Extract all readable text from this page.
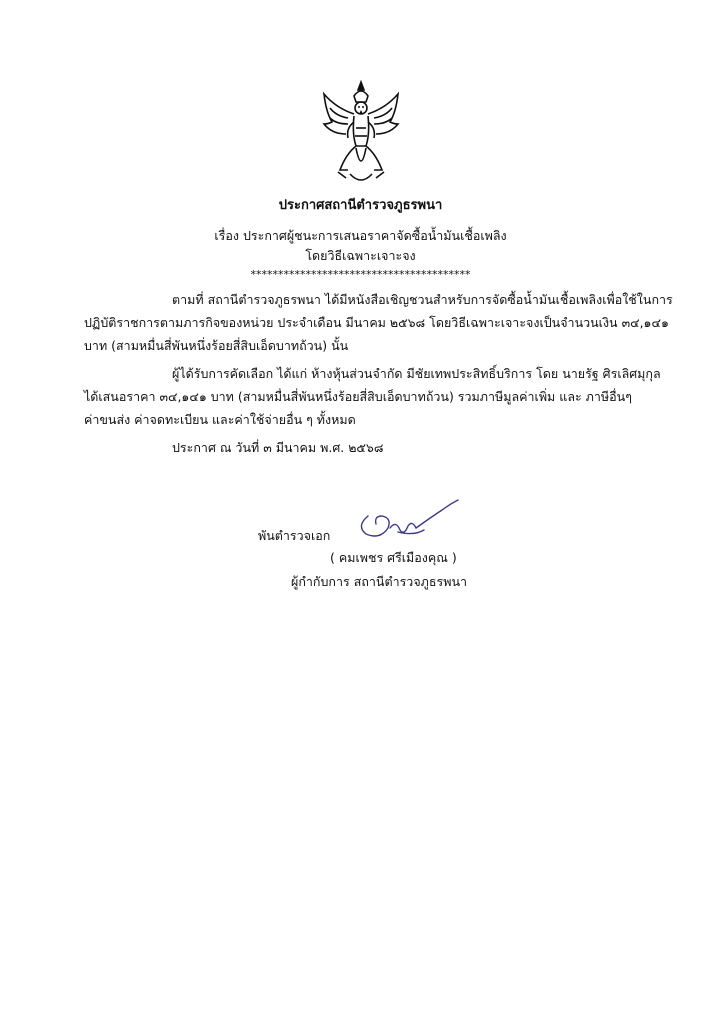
ประกาศสถานีตำรวจภูธรพนา
เรื่อง ประกาศผู้ชนะการเสนอราคาจัดซื้อน้ำมันเชื้อเพลิง
โดยวิธีเฉพาะเจาะจง
****************************************
ตามที่ สถานีตำรวจภูธรพนา ได้มีหนังสือเชิญชวนสำหรับการจัดซื้อน้ำมันเชื้อเพลิงเพื่อใช้ในการ
ปฏิบัติราชการตามภารกิจของหน่วย ประจำเดือน มีนาคม ๒๕๖๘ โดยวิธีเฉพาะเจาะจงเป็นจำนวนเงิน ๓๔,๑๔๑
บาท (สามหมื่นสี่พันหนึ่งร้อยสี่สิบเอ็ดบาทถ้วน) นั้น
ผู้ได้รับการคัดเลือก ได้แก่ ห้างหุ้นส่วนจำกัด มีชัยเทพประสิทธิ์บริการ โดย นายรัฐ ศิรเลิศมุกุล
ได้เสนอราคา ๓๔,๑๔๑ บาท (สามหมื่นสี่พันหนึ่งร้อยสี่สิบเอ็ดบาทถ้วน) รวมภาษีมูลค่าเพิ่ม และ ภาษีอื่นๆ
ค่าขนส่ง ค่าจดทะเบียน และค่าใช้จ่ายอื่น ๆ ทั้งหมด
ประกาศ ณ วันที่ ๓ มีนาคม พ.ศ. ๒๕๖๘
พันตำรวจเอก
( คมเพชร ศรีเมืองคุณ )
ผู้กำกับการ สถานีตำรวจภูธรพนา
